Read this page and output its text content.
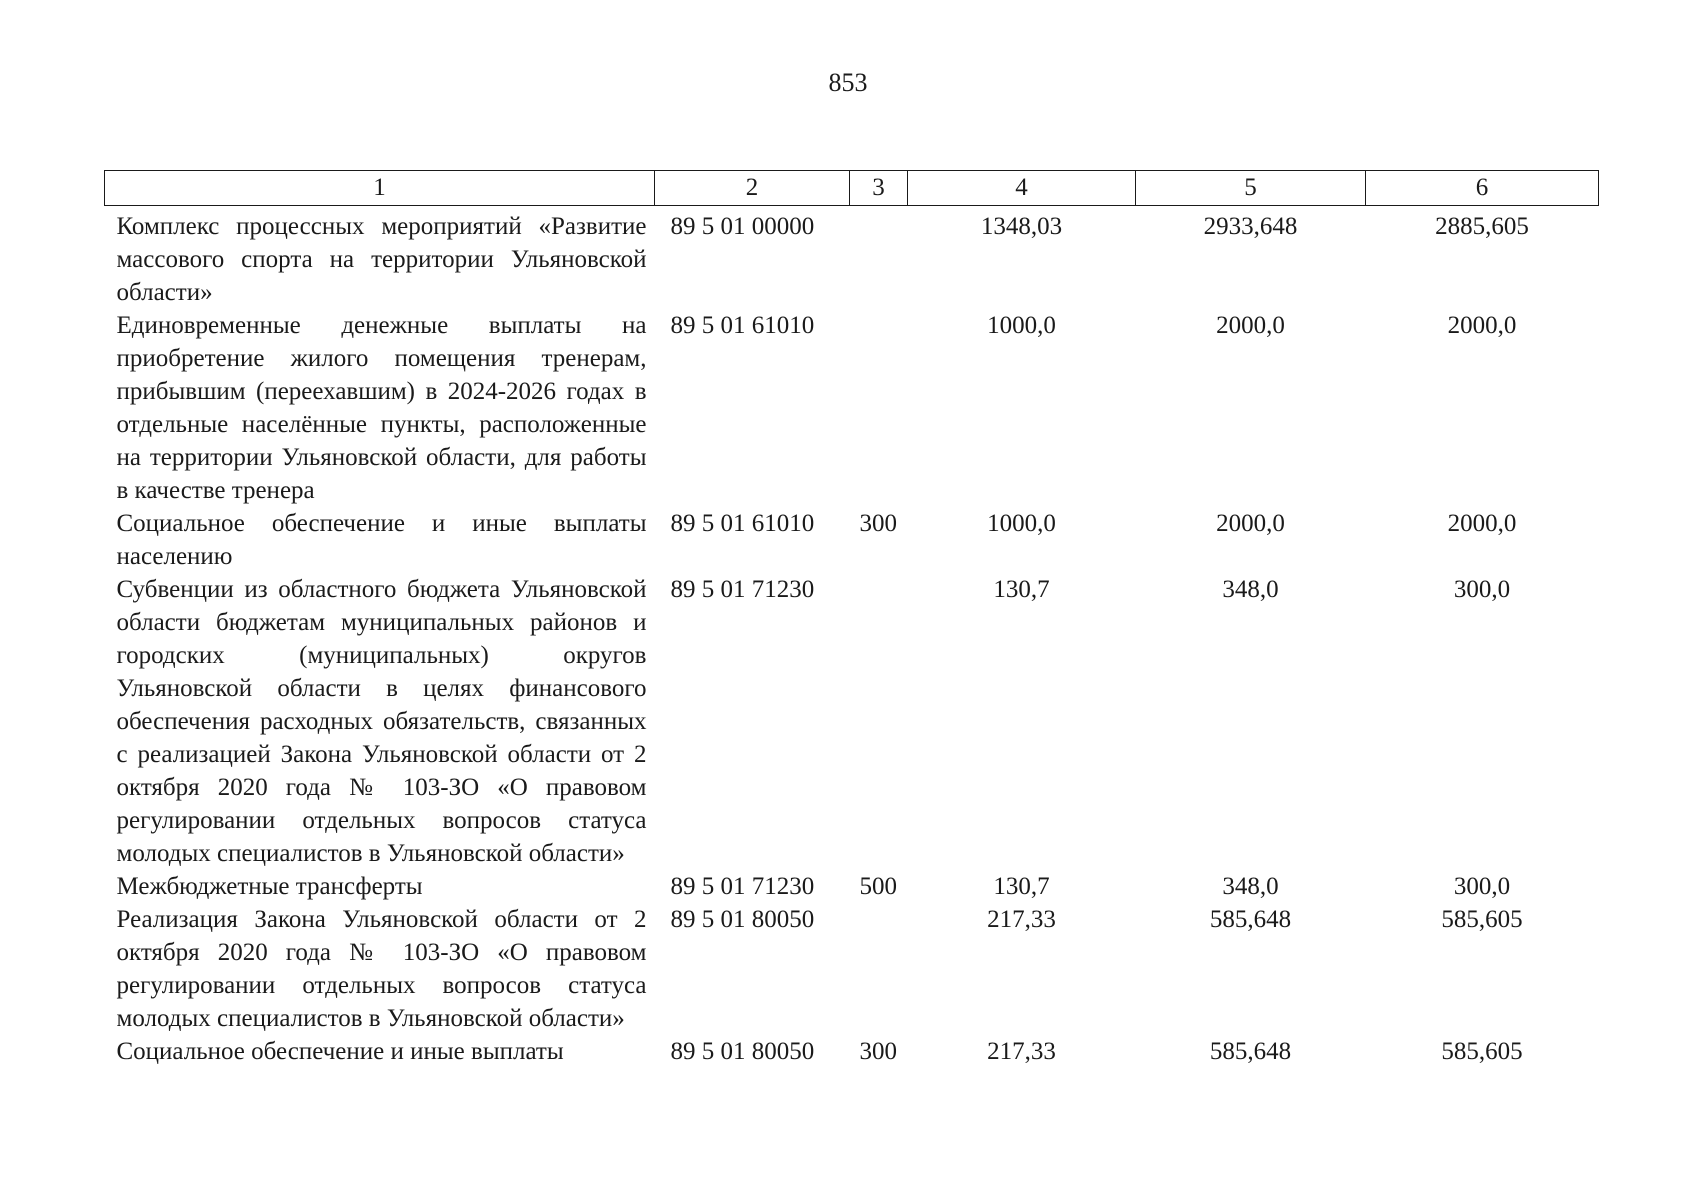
853
1	2	3	4	5	6
Комплекс процессных мероприятий «Развитие массового спорта на территории Ульяновской области»	89 5 01 00000		1348,03	2933,648	2885,605
Единовременные денежные выплаты на приобретение жилого помещения тренерам, прибывшим (переехавшим) в 2024-2026 годах в отдельные населённые пункты, расположенные на территории Ульяновской области, для работы в качестве тренера	89 5 01 61010		1000,0	2000,0	2000,0
Социальное обеспечение и иные выплаты населению	89 5 01 61010	300	1000,0	2000,0	2000,0
Субвенции из областного бюджета Ульяновской области бюджетам муниципальных районов и городских (муниципальных) округов Ульяновской области в целях финансового обеспечения расходных обязательств, связанных с реализацией Закона Ульяновской области от 2 октября 2020 года № 103-ЗО «О правовом регулировании отдельных вопросов статуса молодых специалистов в Ульяновской области»	89 5 01 71230		130,7	348,0	300,0
Межбюджетные трансферты	89 5 01 71230	500	130,7	348,0	300,0
Реализация Закона Ульяновской области от 2 октября 2020 года № 103-ЗО «О правовом регулировании отдельных вопросов статуса молодых специалистов в Ульяновской области»	89 5 01 80050		217,33	585,648	585,605
Социальное обеспечение и иные выплаты	89 5 01 80050	300	217,33	585,648	585,605
